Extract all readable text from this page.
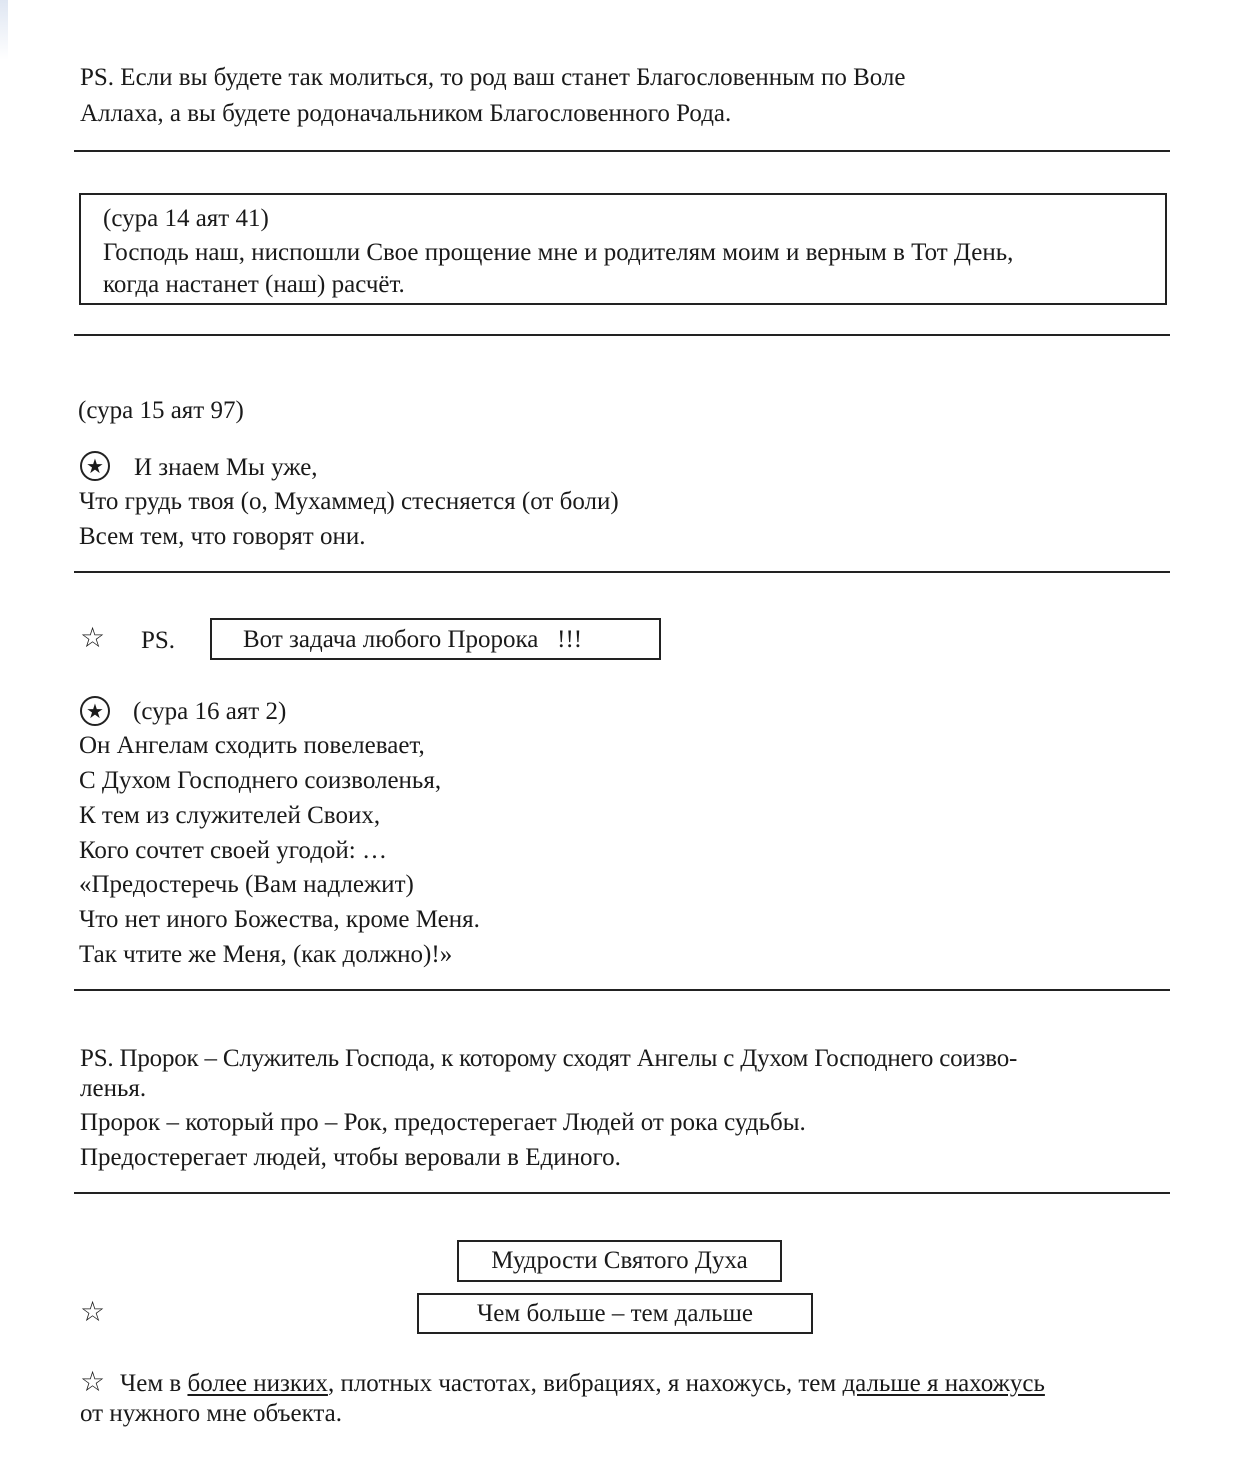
PS. Если вы будете так молиться, то род ваш станет Благословенным по Воле
Аллаха, а вы будете родоначальником Благословенного Рода.
(сура 14 аят 41)
Господь наш, ниспошли Свое прощение мне и родителям моим и верным в Тот День,
когда настанет (наш) расчёт.
(сура 15 аят 97)
★ И знаем Мы уже,
Что грудь твоя (о, Мухаммед) стесняется (от боли)
Всем тем, что говорят они.
☆ PS.	Вот задача любого Пророка   !!!
★ (сура 16 аят 2)
Он Ангелам сходить повелевает,
С Духом Господнего соизволенья,
К тем из служителей Своих,
Кого сочтет своей угодой: …
«Предостеречь (Вам надлежит)
Что нет иного Божества, кроме Меня.
Так чтите же Меня, (как должно)!»
PS. Пророк – Служитель Господа, к которому сходят Ангелы с Духом Господнего соизво-
ленья.
Пророк – который про – Рок, предостерегает Людей от рока судьбы.
Предостерегает людей, чтобы веровали в Единого.
Мудрости Святого Духа
☆	Чем больше – тем дальше
☆ Чем в более низких, плотных частотах, вибрациях, я нахожусь, тем дальше я нахожусь
от нужного мне объекта.
